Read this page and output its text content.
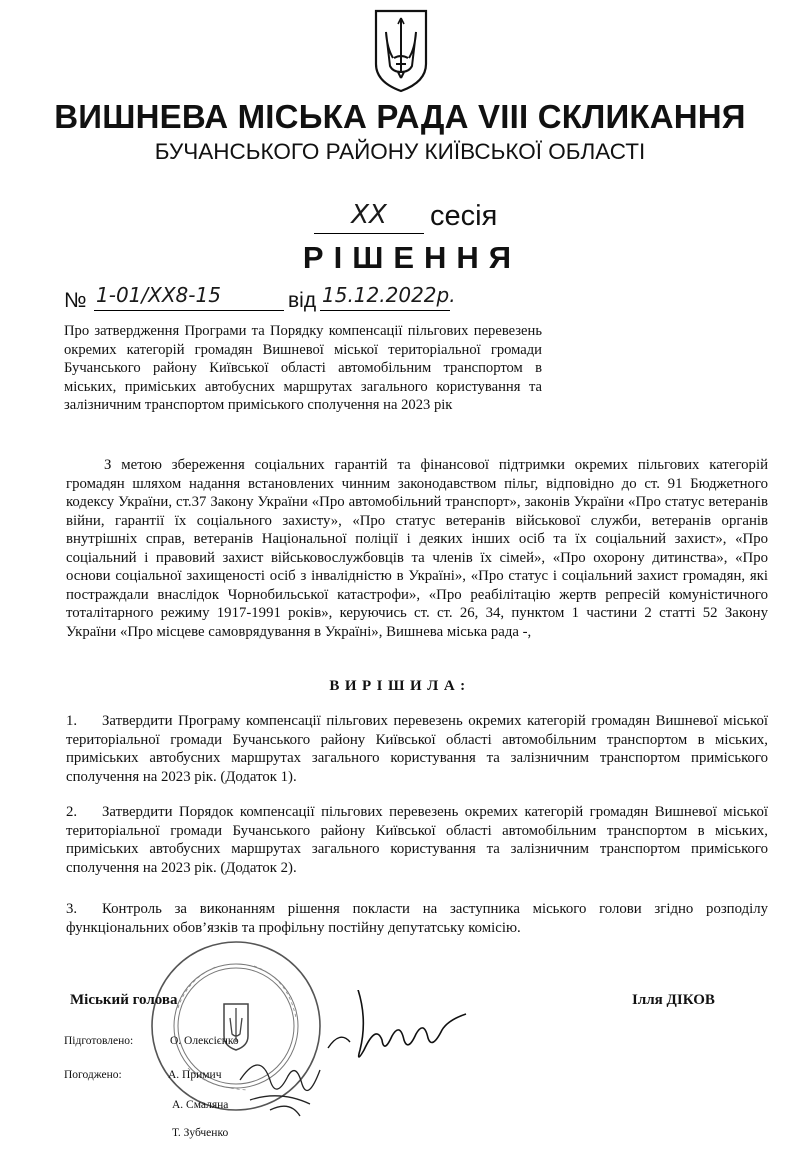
ВИШНЕВА МІСЬКА РАДА VIII СКЛИКАННЯ
БУЧАНСЬКОГО РАЙОНУ КИЇВСЬКОЇ ОБЛАСТІ
XX	сесія
РІШЕННЯ
№ 1-01/XX8-15	від 15.12.2022р.
Про затвердження Програми та Порядку компенсації пільгових перевезень окремих категорій громадян Вишневої міської територіальної громади Бучанського району Київської області автомобільним транспортом в міських, приміських автобусних маршрутах загального користування та залізничним транспортом приміського сполучення на 2023 рік
З метою збереження соціальних гарантій та фінансової підтримки окремих пільгових категорій громадян шляхом надання встановлених чинним законодавством пільг, відповідно до ст. 91 Бюджетного кодексу України, ст.37 Закону України «Про автомобільний транспорт», законів України «Про статус ветеранів війни, гарантії їх соціального захисту», «Про статус ветеранів військової служби, ветеранів органів внутрішніх справ, ветеранів Національної поліції і деяких інших осіб та їх соціальний захист», «Про соціальний і правовий захист військовослужбовців та членів їх сімей», «Про охорону дитинства», «Про основи соціальної захищеності осіб з інвалідністю в Україні», «Про статус і соціальний захист громадян, які постраждали внаслідок Чорнобильської катастрофи», «Про реабілітацію жертв репресій комуністичного тоталітарного режиму 1917-1991 років», керуючись ст. ст. 26, 34, пунктом 1 частини 2 статті 52 Закону України «Про місцеве самоврядування в Україні», Вишнева міська рада -,
ВИРІШИЛА:
1. Затвердити Програму компенсації пільгових перевезень окремих категорій громадян Вишневої міської територіальної громади Бучанського району Київської області автомобільним транспортом в міських, приміських автобусних маршрутах загального користування та залізничним транспортом приміського сполучення на 2023 рік. (Додаток 1).
2. Затвердити Порядок компенсації пільгових перевезень окремих категорій громадян Вишневої міської територіальної громади Бучанського району Київської області автомобільним транспортом в міських, приміських автобусних маршрутах загального користування та залізничним транспортом приміського сполучення на 2023 рік. (Додаток 2).
3. Контроль за виконанням рішення покласти на заступника міського голови згідно розподілу функціональних обов’язків та профільну постійну депутатську комісію.
Міський голова	Ілля ДІКОВ
Підготовлено:	О. Олексієнко
Погоджено:	А. Примич
А. Смаляна
Т. Зубченко
